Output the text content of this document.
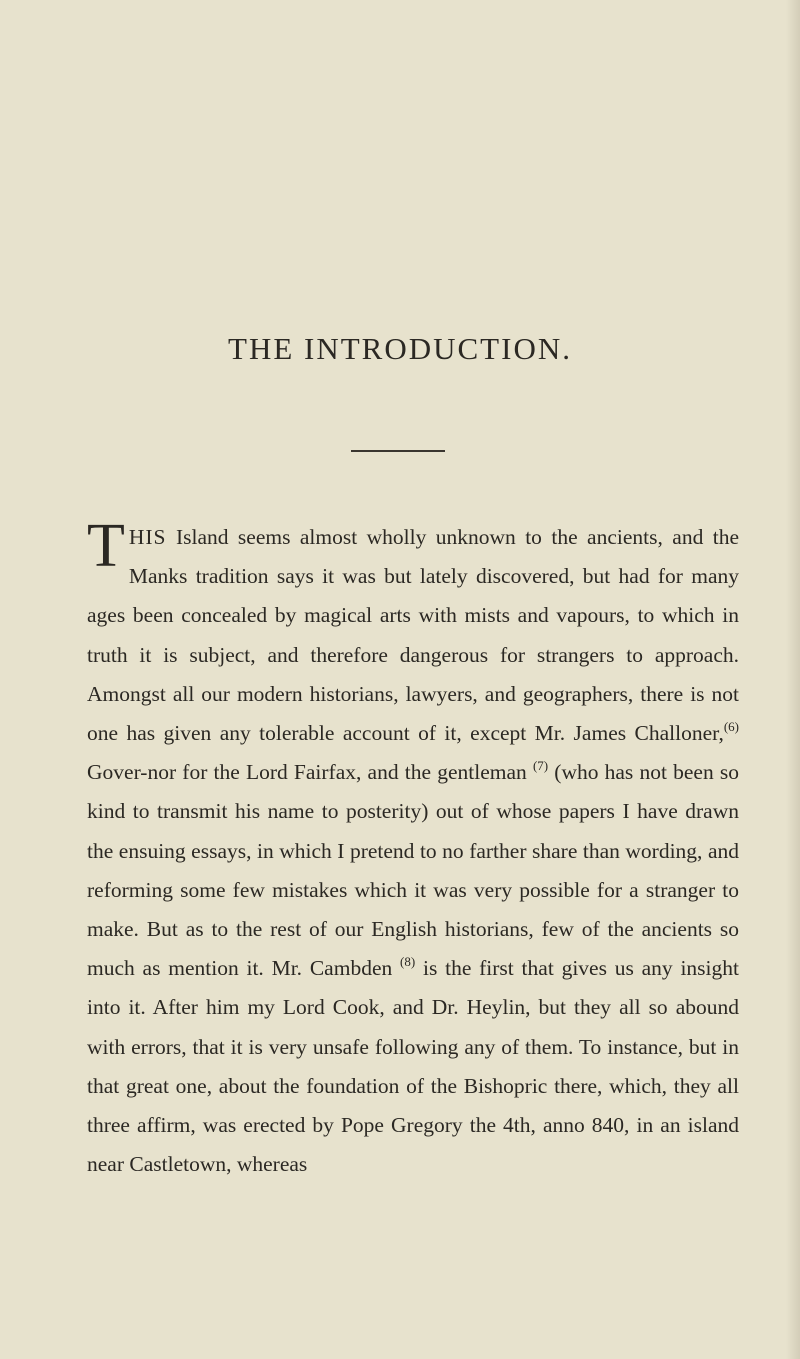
THE INTRODUCTION.

THIS Island seems almost wholly unknown to the ancients, and the Manks tradition says it was but lately discovered, but had for many ages been concealed by magical arts with mists and vapours, to which in truth it is subject, and therefore dangerous for strangers to approach. Amongst all our modern historians, lawyers, and geographers, there is not one has given any tolerable account of it, except Mr. James Challoner,$^{(6)}$ Gover-nor for the Lord Fairfax, and the gentleman $^{(7)}$ (who has not been so kind to transmit his name to posterity) out of whose papers I have drawn the ensuing essays, in which I pretend to no farther share than wording, and reforming some few mistakes which it was very possible for a stranger to make. But as to the rest of our English historians, few of the ancients so much as mention it. Mr. Cambden $^{(8)}$ is the first that gives us any insight into it. After him my Lord Cook, and Dr. Heylin, but they all so abound with errors, that it is very unsafe following any of them. To instance, but in that great one, about the foundation of the Bishopric there, which, they all three affirm, was erected by Pope Gregory the 4th, anno 840, in an island near Castletown, whereas
